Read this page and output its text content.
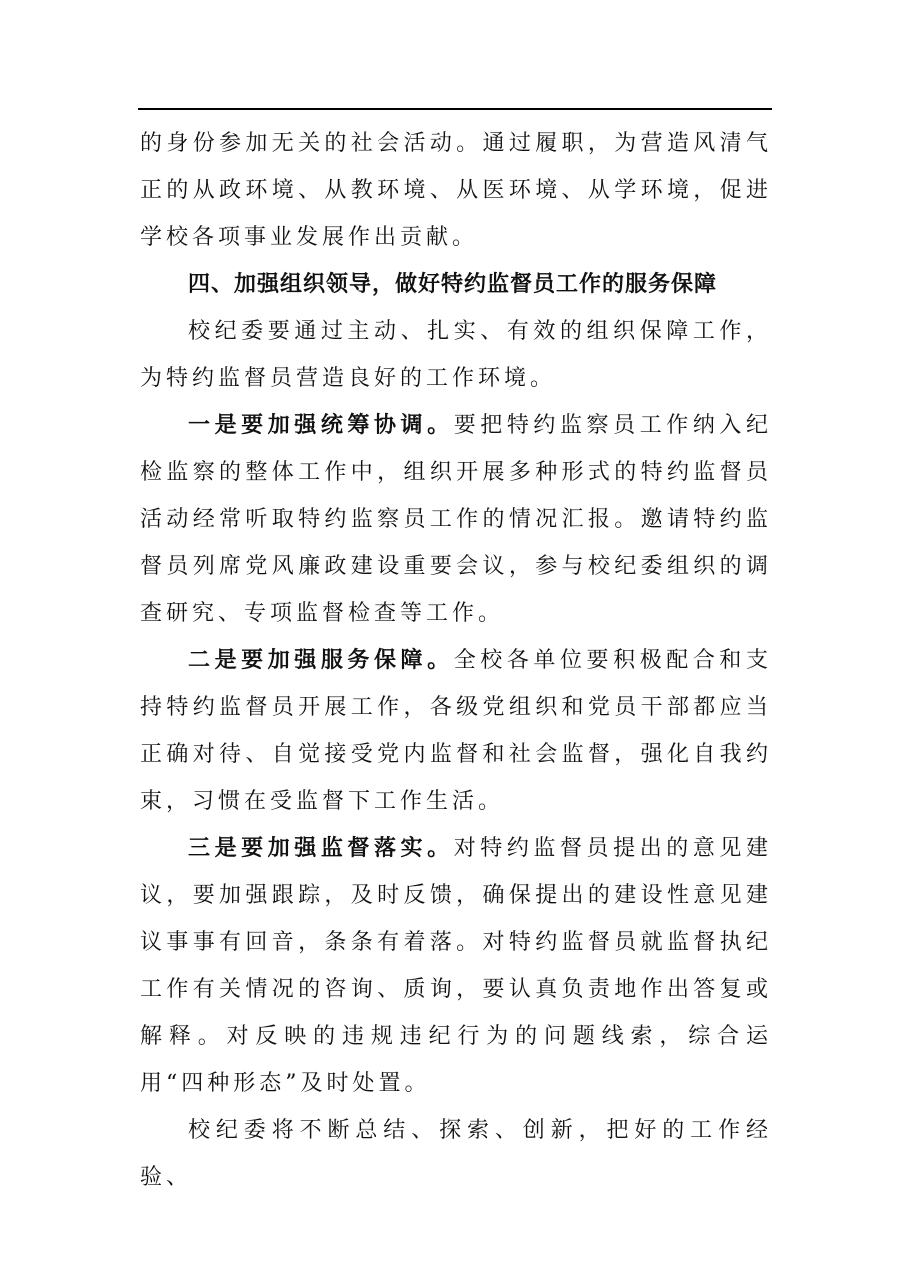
的身份参加无关的社会活动。通过履职，为营造风清气正的从政环境、从教环境、从医环境、从学环境，促进学校各项事业发展作出贡献。

四、加强组织领导，做好特约监督员工作的服务保障

校纪委要通过主动、扎实、有效的组织保障工作，为特约监督员营造良好的工作环境。

一是要加强统筹协调。要把特约监察员工作纳入纪检监察的整体工作中，组织开展多种形式的特约监督员活动经常听取特约监察员工作的情况汇报。邀请特约监督员列席党风廉政建设重要会议，参与校纪委组织的调查研究、专项监督检查等工作。

二是要加强服务保障。全校各单位要积极配合和支持特约监督员开展工作，各级党组织和党员干部都应当正确对待、自觉接受党内监督和社会监督，强化自我约束，习惯在受监督下工作生活。

三是要加强监督落实。对特约监督员提出的意见建议，要加强跟踪，及时反馈，确保提出的建设性意见建议事事有回音，条条有着落。对特约监督员就监督执纪工作有关情况的咨询、质询，要认真负责地作出答复或解释。对反映的违规违纪行为的问题线索，综合运用“四种形态”及时处置。

校纪委将不断总结、探索、创新，把好的工作经验、
